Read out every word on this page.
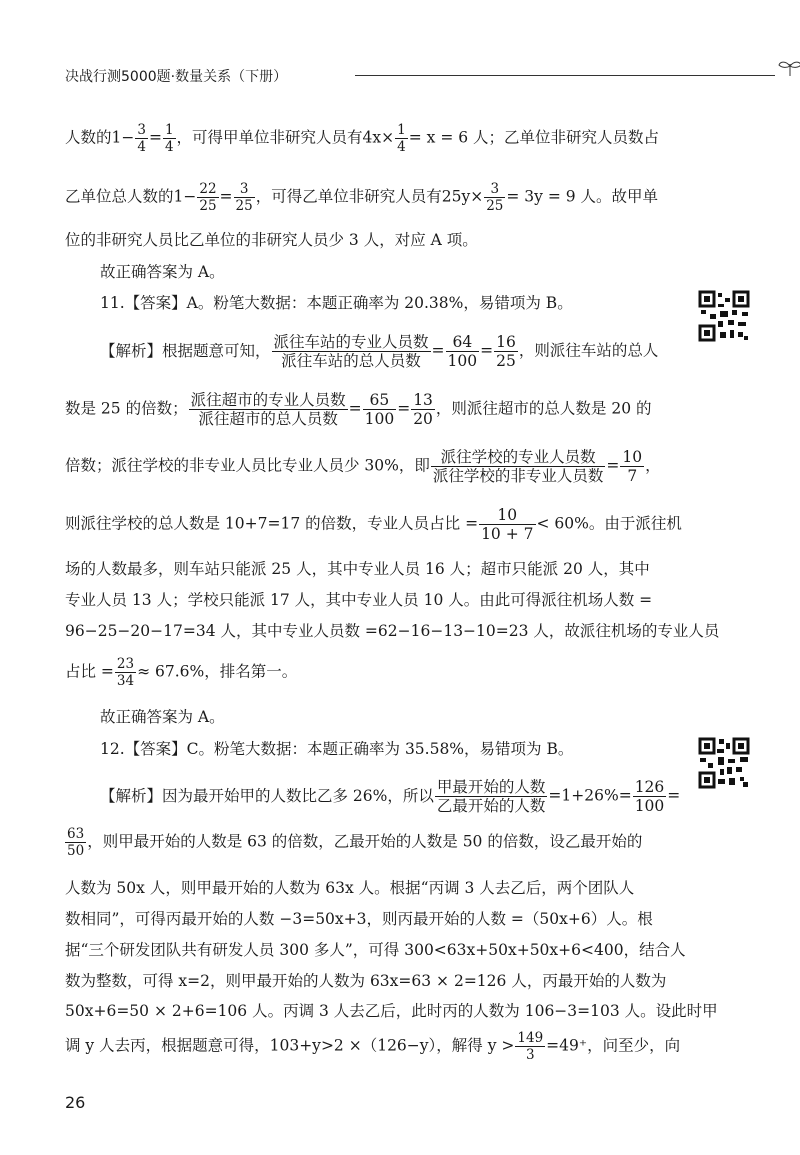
决战行测5000题·数量关系（下册）
人数的$1- \frac{3}{4} = \frac{1}{4}$ ，可得甲单位非研究人员有$4x\times \frac{1}{4} = x = 6$ 人；乙单位非研究人员数占
乙单位总人数的$1- \frac{22}{25} = \frac{3}{25}$ ，可得乙单位非研究人员有$25y\times \frac{3}{25} = 3y = 9$ 人。故甲单
位的非研究人员比乙单位的非研究人员少 3 人，对应 A 项。
故正确答案为 A。
11.【答案】A。粉笔大数据：本题正确率为 20.38%，易错项为 B。
【解析】根据题意可知， $\frac{\text{派往车站的专业人员数}}{\text{派往车站的总人员数}} = \frac{64}{100} = \frac{16}{25}$ ，则派往车站的总人
数是 25 的倍数； $\frac{\text{派往超市的专业人员数}}{\text{派往超市的总人员数}} = \frac{65}{100} = \frac{13}{20}$ ，则派往超市的总人数是 20 的
倍数；派往学校的非专业人员比专业人员少 30%，即 $\frac{\text{派往学校的专业人员数}}{\text{派往学校的非专业人员数}} = \frac{10}{7}$ ，
则派往学校的总人数是 10+7=17 的倍数，专业人员占比 = $\frac{10}{10 + 7} < 60\%$。由于派往机
场的人数最多，则车站只能派 25 人，其中专业人员 16 人；超市只能派 20 人，其中
专业人员 13 人；学校只能派 17 人，其中专业人员 10 人。由此可得派往机场人数 =
96−25−20−17=34 人，其中专业人员数 =62−16−13−10=23 人，故派往机场的专业人员
占比 = $\frac{23}{34} \approx 67.6\%$，排名第一。
故正确答案为 A。
12.【答案】C。粉笔大数据：本题正确率为 35.58%，易错项为 B。
【解析】因为最开始甲的人数比乙多 26%，所以 $\frac{\text{甲最开始的人数}}{\text{乙最开始的人数}} =1+26\%= \frac{126}{100}$ =
$\frac{63}{50}$ ，则甲最开始的人数是 63 的倍数，乙最开始的人数是 50 的倍数，设乙最开始的
人数为 50x 人，则甲最开始的人数为 63x 人。根据“丙调 3 人去乙后，两个团队人
数相同”，可得丙最开始的人数 −3=50x+3，则丙最开始的人数 =（50x+6）人。根
据“三个研发团队共有研发人员 300 多人”，可得 300<63x+50x+50x+6<400，结合人
数为整数，可得 x=2，则甲最开始的人数为 63x=63 × 2=126 人，丙最开始的人数为
50x+6=50 × 2+6=106 人。丙调 3 人去乙后，此时丙的人数为 106−3=103 人。设此时甲
调 y 人去丙，根据题意可得，103+y>2 ×（126−y），解得 $y > \frac{149}{3} =49^+$，问至少，向
26
